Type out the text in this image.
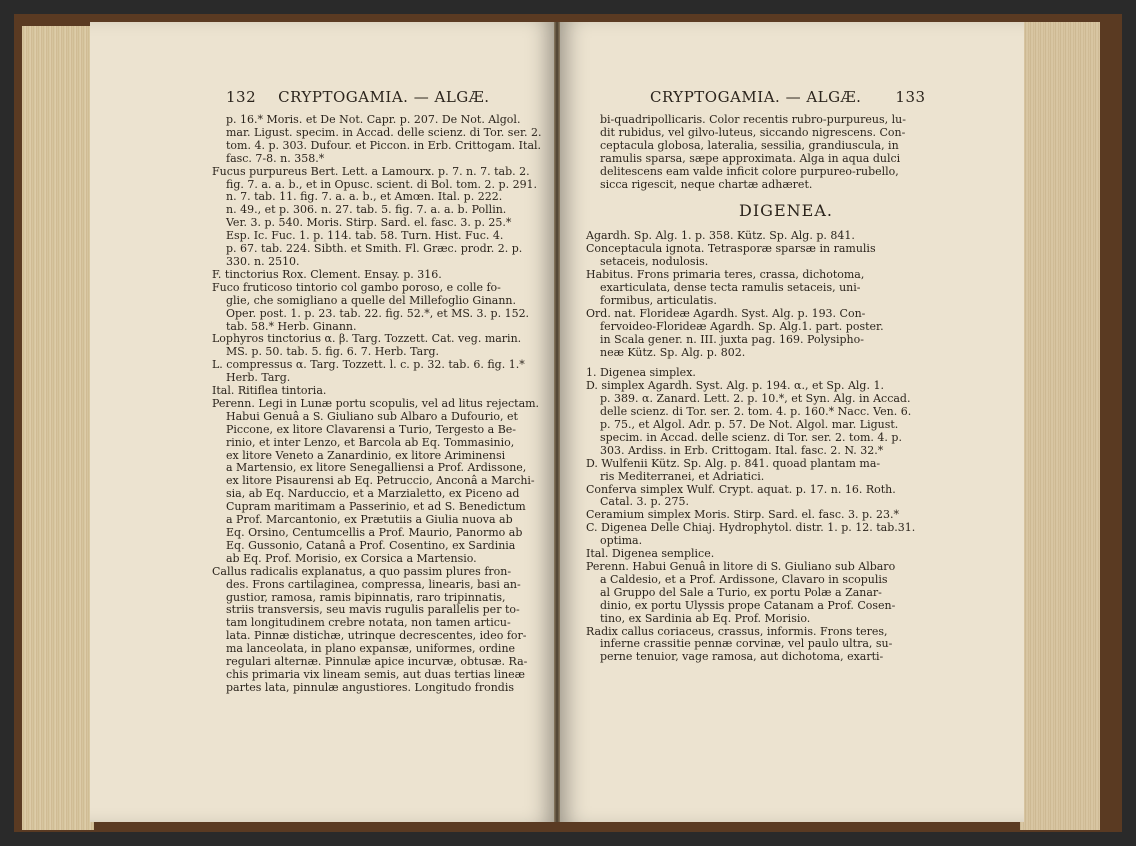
132 CRYPTOGAMIA. — ALGÆ.

p. 16.* Moris. et De Not. Capr. p. 207. De Not. Algol.

mar. Ligust. specim. in Accad. delle scienz. di Tor. ser. 2.

tom. 4. p. 303. Dufour. et Piccon. in Erb. Crittogam. Ital.

fasc. 7-8. n. 358.*

Fucus purpureus Bert. Lett. a Lamourx. p. 7. n. 7. tab. 2.

fig. 7. a. a. b., et in Opusc. scient. di Bol. tom. 2. p. 291.

n. 7. tab. 11. fig. 7. a. a. b., et Amœn. Ital. p. 222.

n. 49., et p. 306. n. 27. tab. 5. fig. 7. a. a. b. Pollin.

Ver. 3. p. 540. Moris. Stirp. Sard. el. fasc. 3. p. 25.*

Esp. Ic. Fuc. 1. p. 114. tab. 58. Turn. Hist. Fuc. 4.

p. 67. tab. 224. Sibth. et Smith. Fl. Græc. prodr. 2. p.

330. n. 2510.

F. tinctorius Rox. Clement. Ensay. p. 316.

Fuco fruticoso tintorio col gambo poroso, e colle fo-

glie, che somigliano a quelle del Millefoglio Ginann.

Oper. post. 1. p. 23. tab. 22. fig. 52.*, et MS. 3. p. 152.

tab. 58.* Herb. Ginann.

Lophyros tinctorius α. β. Targ. Tozzett. Cat. veg. marin.

MS. p. 50. tab. 5. fig. 6. 7. Herb. Targ.

L. compressus α. Targ. Tozzett. l. c. p. 32. tab. 6. fig. 1.*

Herb. Targ.

Ital. Ritiflea tintoria.

Perenn. Legi in Lunæ portu scopulis, vel ad litus rejectam.

Habui Genuâ a S. Giuliano sub Albaro a Dufourio, et

Piccone, ex litore Clavarensi a Turio, Tergesto a Be-

rinio, et inter Lenzo, et Barcola ab Eq. Tommasinio,

ex litore Veneto a Zanardinio, ex litore Ariminensi

a Martensio, ex litore Senegalliensi a Prof. Ardissone,

ex litore Pisaurensi ab Eq. Petruccio, Anconâ a Marchi-

sia, ab Eq. Narduccio, et a Marzialetto, ex Piceno ad

Cupram maritimam a Passerinio, et ad S. Benedictum

a Prof. Marcantonio, ex Prætutiis a Giulia nuova ab

Eq. Orsino, Centumcellis a Prof. Maurio, Panormo ab

Eq. Gussonio, Catanâ a Prof. Cosentino, ex Sardinia

ab Eq. Prof. Morisio, ex Corsica a Martensio.

Callus radicalis explanatus, a quo passim plures fron-

des. Frons cartilaginea, compressa, linearis, basi an-

gustior, ramosa, ramis bipinnatis, raro tripinnatis,

striis transversis, seu mavis rugulis parallelis per to-

tam longitudinem crebre notata, non tamen articu-

lata. Pinnæ distichæ, utrinque decrescentes, ideo for-

ma lanceolata, in plano expansæ, uniformes, ordine

regulari alternæ. Pinnulæ apice incurvæ, obtusæ. Ra-

chis primaria vix lineam semis, aut duas tertias lineæ

partes lata, pinnulæ angustiores. Longitudo frondis

CRYPTOGAMIA. — ALGÆ. 133

bi-quadripollicaris. Color recentis rubro-purpureus, lu-

dit rubidus, vel gilvo-luteus, siccando nigrescens. Con-

ceptacula globosa, lateralia, sessilia, grandiuscula, in

ramulis sparsa, sæpe approximata. Alga in aqua dulci

delitescens eam valde inficit colore purpureo-rubello,

sicca rigescit, neque chartæ adhæret.

DIGENEA.

Agardh. Sp. Alg. 1. p. 358. Kütz. Sp. Alg. p. 841.

Conceptacula ignota. Tetrasporæ sparsæ in ramulis

setaceis, nodulosis.

Habitus. Frons primaria teres, crassa, dichotoma,

exarticulata, dense tecta ramulis setaceis, uni-

formibus, articulatis.

Ord. nat. Florideæ Agardh. Syst. Alg. p. 193. Con-

fervoideo-Florideæ Agardh. Sp. Alg.1. part. poster.

in Scala gener. n. III. juxta pag. 169. Polysipho-

neæ Kütz. Sp. Alg. p. 802.

1. Digenea simplex.

D. simplex Agardh. Syst. Alg. p. 194. α., et Sp. Alg. 1.

p. 389. α. Zanard. Lett. 2. p. 10.*, et Syn. Alg. in Accad.

delle scienz. di Tor. ser. 2. tom. 4. p. 160.* Nacc. Ven. 6.

p. 75., et Algol. Adr. p. 57. De Not. Algol. mar. Ligust.

specim. in Accad. delle scienz. di Tor. ser. 2. tom. 4. p.

303. Ardiss. in Erb. Crittogam. Ital. fasc. 2. N. 32.*

D. Wulfenii Kütz. Sp. Alg. p. 841. quoad plantam ma-

ris Mediterranei, et Adriatici.

Conferva simplex Wulf. Crypt. aquat. p. 17. n. 16. Roth.

Catal. 3. p. 275.

Ceramium simplex Moris. Stirp. Sard. el. fasc. 3. p. 23.*

C. Digenea Delle Chiaj. Hydrophytol. distr. 1. p. 12. tab.31.

optima.

Ital. Digenea semplice.

Perenn. Habui Genuâ in litore di S. Giuliano sub Albaro

a Caldesio, et a Prof. Ardissone, Clavaro in scopulis

al Gruppo del Sale a Turio, ex portu Polæ a Zanar-

dinio, ex portu Ulyssis prope Catanam a Prof. Cosen-

tino, ex Sardinia ab Eq. Prof. Morisio.

Radix callus coriaceus, crassus, informis. Frons teres,

inferne crassitie pennæ corvinæ, vel paulo ultra, su-

perne tenuior, vage ramosa, aut dichotoma, exarti-
